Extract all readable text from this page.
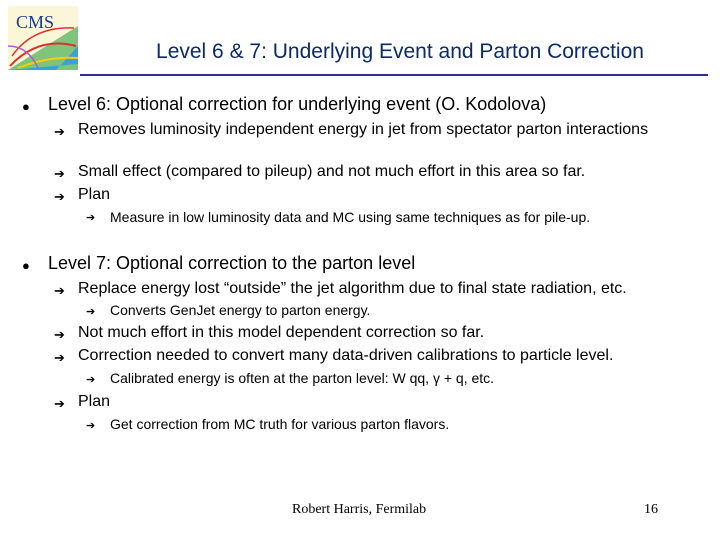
CMS
Level 6 & 7: Underlying Event and Parton Correction
● Level 6: Optional correction for underlying event (O. Kodolova)
➔ Removes luminosity independent energy in jet from spectator parton interactions
➔ Small effect (compared to pileup) and not much effort in this area so far.
➔ Plan
➔ Measure in low luminosity data and MC using same techniques as for pile-up.
● Level 7: Optional correction to the parton level
➔ Replace energy lost “outside” the jet algorithm due to final state radiation, etc.
➔ Converts GenJet energy to parton energy.
➔ Not much effort in this model dependent correction so far.
➔ Correction needed to convert many data-driven calibrations to particle level.
➔ Calibrated energy is often at the parton level: W qq, γ + q, etc.
➔ Plan
➔ Get correction from MC truth for various parton flavors.
Robert Harris, Fermilab	16
